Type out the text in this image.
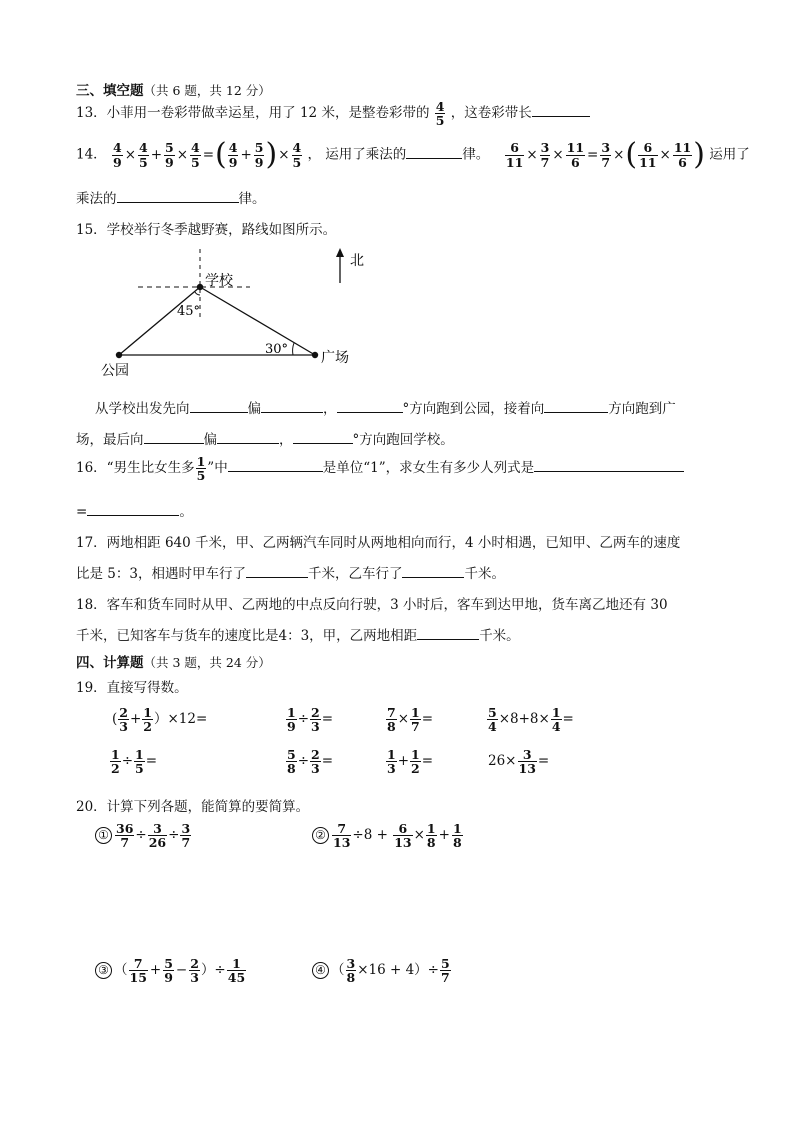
三、填空题（共 6 题，共 12 分）
13．小菲用一卷彩带做幸运星，用了 12 米，是整卷彩带的 $\frac{4}{5}$ ，这卷彩带长
14． $\frac{4}{9} \times \frac{4}{5} + \frac{5}{9} \times \frac{4}{5}$ =( $\frac{4}{9} + \frac{5}{9}$ )× $\frac{4}{5}$ ， 运用了乘法的	律。 $\frac{6}{11} \times \frac{3}{7} \times \frac{11}{6} = \frac{3}{7}$ ×( $\frac{6}{11} \times \frac{11}{6}$ ) 运用了
乘法的	律。
15．学校举行冬季越野赛，路线如图所示。
学校
45°
30°
公园
广场
北
从学校出发先向	偏	，	°方向跑到公园，接着向	方向跑到广
场，最后向	偏	，	°方向跑回学校。
16．“男生比女生多 $\frac{1}{5}$ ”中	是单位“1”，求女生有多少人列式是
=	。
17．两地相距 640 千米，甲、乙两辆汽车同时从两地相向而行，4 小时相遇，已知甲、乙两车的速度
比是 5：3，相遇时甲车行了	千米，乙车行了	千米。
18．客车和货车同时从甲、乙两地的中点反向行驶，3 小时后，客车到达甲地，货车离乙地还有 30
千米，已知客车与货车的速度比是4：3，甲，乙两地相距	千米。
四、计算题（共 3 题，共 24 分）
19．直接写得数。
( $\frac{2}{3} + \frac{1}{2} )\times 12=$	$\frac{1}{9} \div \frac{2}{3}$ =	$\frac{7}{8} \times \frac{1}{7}$ =	$\frac{5}{4} \times 8+8\times \frac{1}{4}$ =
$\frac{1}{2} \div \frac{1}{5}$ =	$\frac{5}{8} \div \frac{2}{3}$ =	$\frac{1}{3} + \frac{1}{2}$ =	$26\times \frac{3}{13}$ =
20．计算下列各题，能简算的要简算。
① $\frac{36}{7} \div \frac{3}{26} \div \frac{3}{7}$	② $\frac{7}{13} \div 8 + \frac{6}{13} \times \frac{1}{8} + \frac{1}{8}$
③ （ $\frac{7}{15} + \frac{5}{9} - \frac{2}{3}$ ）÷ $\frac{1}{45}$	④ （ $\frac{3}{8} \times 16 + 4)\div \frac{5}{7}$
